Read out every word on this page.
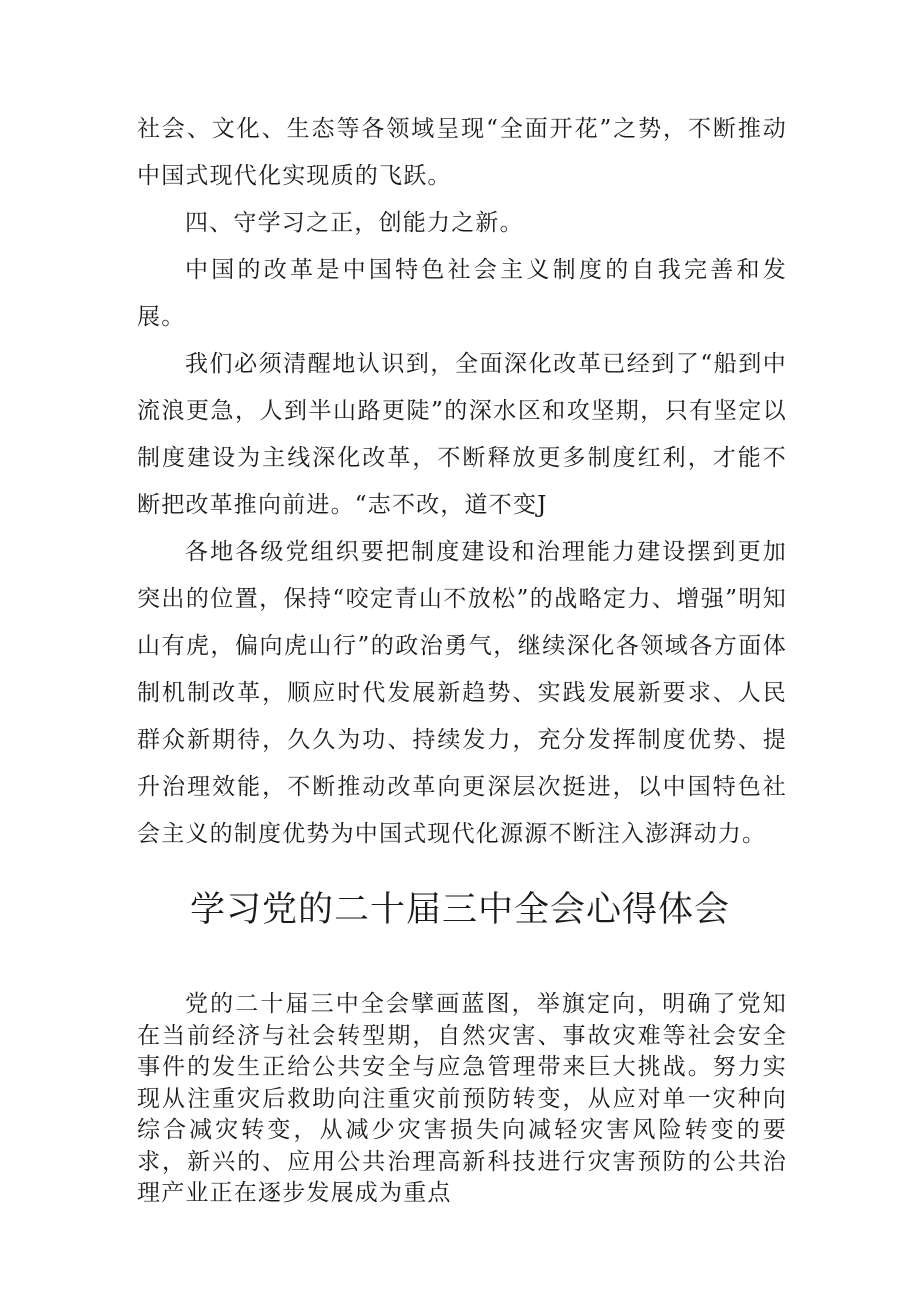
社会、文化、生态等各领域呈现“全面开花”之势，不断推动中国式现代化实现质的飞跃。

四、守学习之正，创能力之新。

中国的改革是中国特色社会主义制度的自我完善和发展。

我们必须清醒地认识到，全面深化改革已经到了“船到中流浪更急，人到半山路更陡”的深水区和攻坚期，只有坚定以制度建设为主线深化改革，不断释放更多制度红利，才能不断把改革推向前进。“志不改，道不变J

各地各级党组织要把制度建设和治理能力建设摆到更加突出的位置，保持“咬定青山不放松”的战略定力、增强”明知山有虎，偏向虎山行”的政治勇气，继续深化各领域各方面体制机制改革，顺应时代发展新趋势、实践发展新要求、人民群众新期待，久久为功、持续发力，充分发挥制度优势、提升治理效能，不断推动改革向更深层次挺进，以中国特色社会主义的制度优势为中国式现代化源源不断注入澎湃动力。

学习党的二十届三中全会心得体会

党的二十届三中全会擘画蓝图，举旗定向，明确了党知在当前经济与社会转型期，自然灾害、事故灾难等社会安全事件的发生正给公共安全与应急管理带来巨大挑战。努力实现从注重灾后救助向注重灾前预防转变，从应对单一灾种向综合减灾转变，从减少灾害损失向减轻灾害风险转变的要求，新兴的、应用公共治理高新科技进行灾害预防的公共治理产业正在逐步发展成为重点
